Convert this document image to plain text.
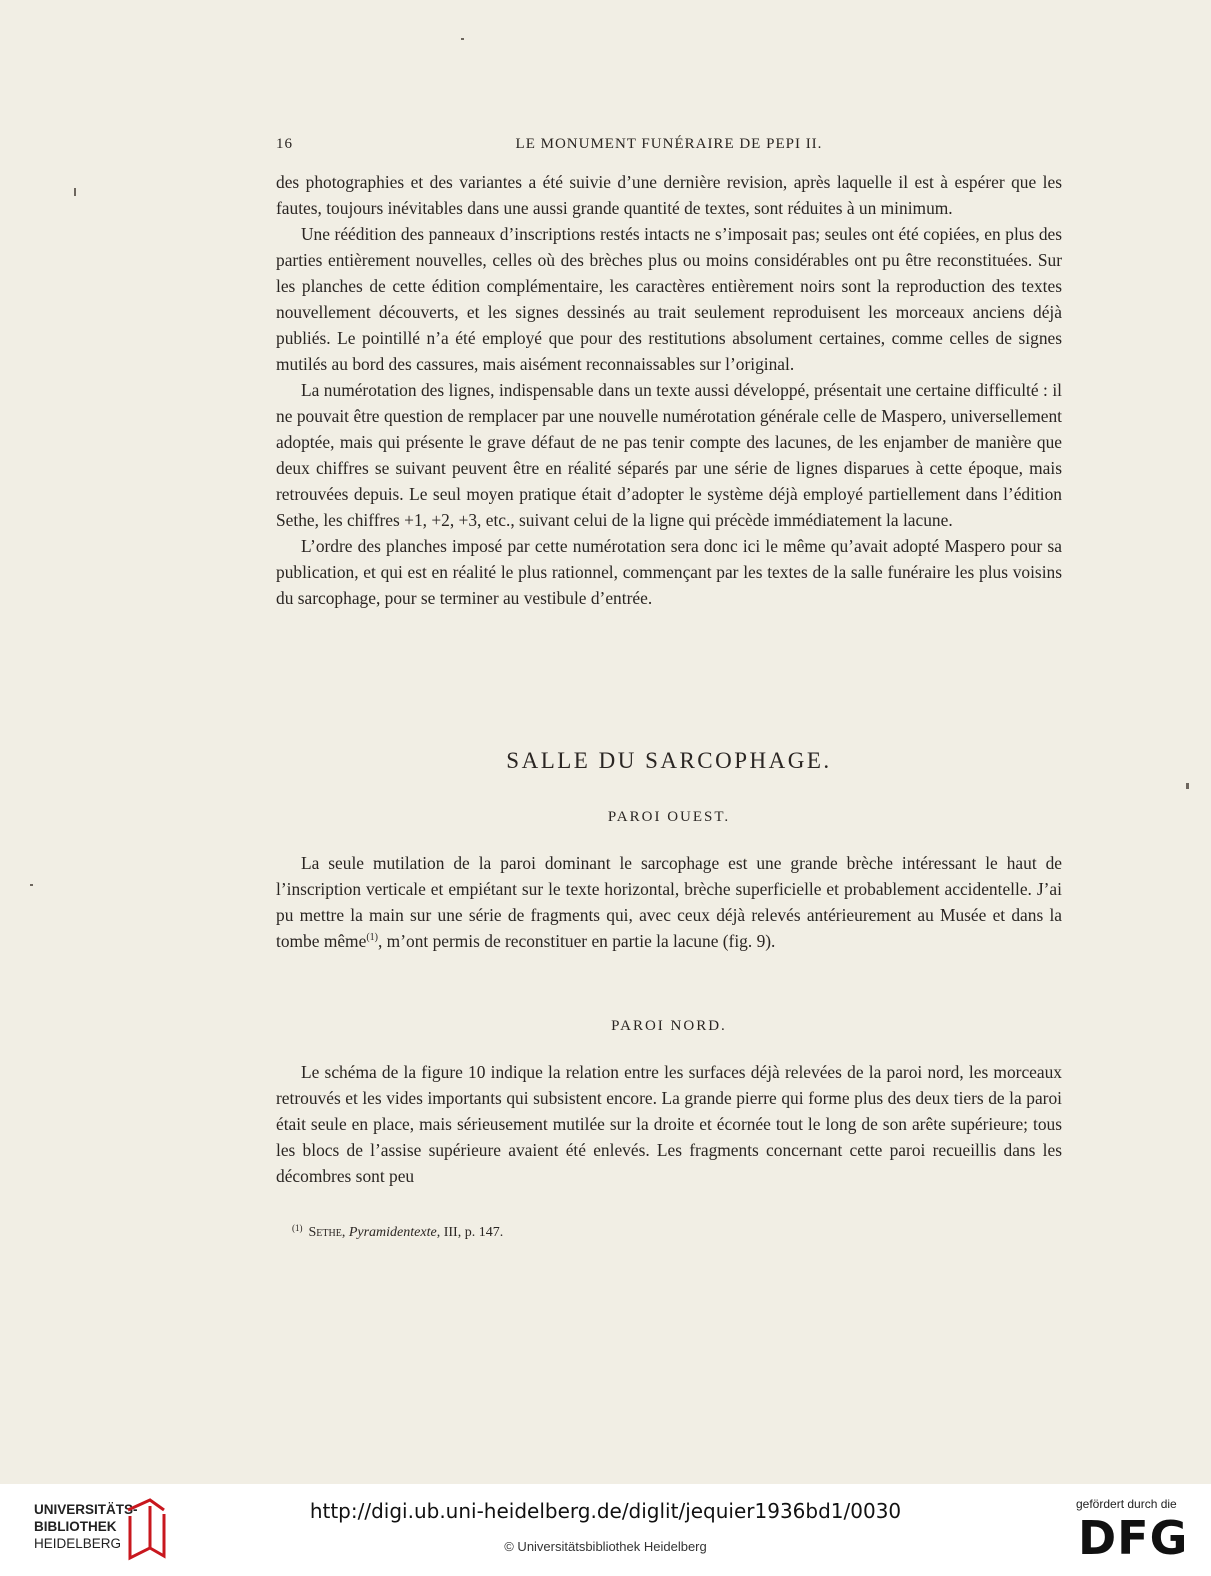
16	LE MONUMENT FUNÉRAIRE DE PEPI II.

des photographies et des variantes a été suivie d’une dernière revision, après laquelle il est à espérer que les fautes, toujours inévitables dans une aussi grande quantité de textes, sont réduites à un minimum.

Une réédition des panneaux d’inscriptions restés intacts ne s’imposait pas; seules ont été copiées, en plus des parties entièrement nouvelles, celles où des brèches plus ou moins considérables ont pu être reconstituées. Sur les planches de cette édition complémentaire, les caractères entièrement noirs sont la reproduction des textes nouvellement découverts, et les signes dessinés au trait seulement reproduisent les morceaux anciens déjà publiés. Le pointillé n’a été employé que pour des restitutions absolument certaines, comme celles de signes mutilés au bord des cassures, mais aisément reconnaissables sur l’original.

La numérotation des lignes, indispensable dans un texte aussi développé, présentait une certaine difficulté : il ne pouvait être question de remplacer par une nouvelle numérotation générale celle de Maspero, universellement adoptée, mais qui présente le grave défaut de ne pas tenir compte des lacunes, de les enjamber de manière que deux chiffres se suivant peuvent être en réalité séparés par une série de lignes disparues à cette époque, mais retrouvées depuis. Le seul moyen pratique était d’adopter le système déjà employé partiellement dans l’édition Sethe, les chiffres +1, +2, +3, etc., suivant celui de la ligne qui précède immédiatement la lacune.

L’ordre des planches imposé par cette numérotation sera donc ici le même qu’avait adopté Maspero pour sa publication, et qui est en réalité le plus rationnel, commençant par les textes de la salle funéraire les plus voisins du sarcophage, pour se terminer au vestibule d’entrée.

SALLE DU SARCOPHAGE.
PAROI OUEST.

La seule mutilation de la paroi dominant le sarcophage est une grande brèche intéressant le haut de l’inscription verticale et empiétant sur le texte horizontal, brèche superficielle et probablement accidentelle. J’ai pu mettre la main sur une série de fragments qui, avec ceux déjà relevés antérieurement au Musée et dans la tombe même$^{(1)}$, m’ont permis de reconstituer en partie la lacune (fig. 9).

PAROI NORD.

Le schéma de la figure 10 indique la relation entre les surfaces déjà relevées de la paroi nord, les morceaux retrouvés et les vides importants qui subsistent encore. La grande pierre qui forme plus des deux tiers de la paroi était seule en place, mais sérieusement mutilée sur la droite et écornée tout le long de son arête supérieure; tous les blocs de l’assise supérieure avaient été enlevés. Les fragments concernant cette paroi recueillis dans les décombres sont peu

$^{(1)}$ Sethe, Pyramidentexte, III, p. 147.
UNIVERSITÄTS-
BIBLIOTHEK
HEIDELBERG
http://digi.ub.uni-heidelberg.de/diglit/jequier1936bd1/0030
© Universitätsbibliothek Heidelberg
gefördert durch die
DFG
